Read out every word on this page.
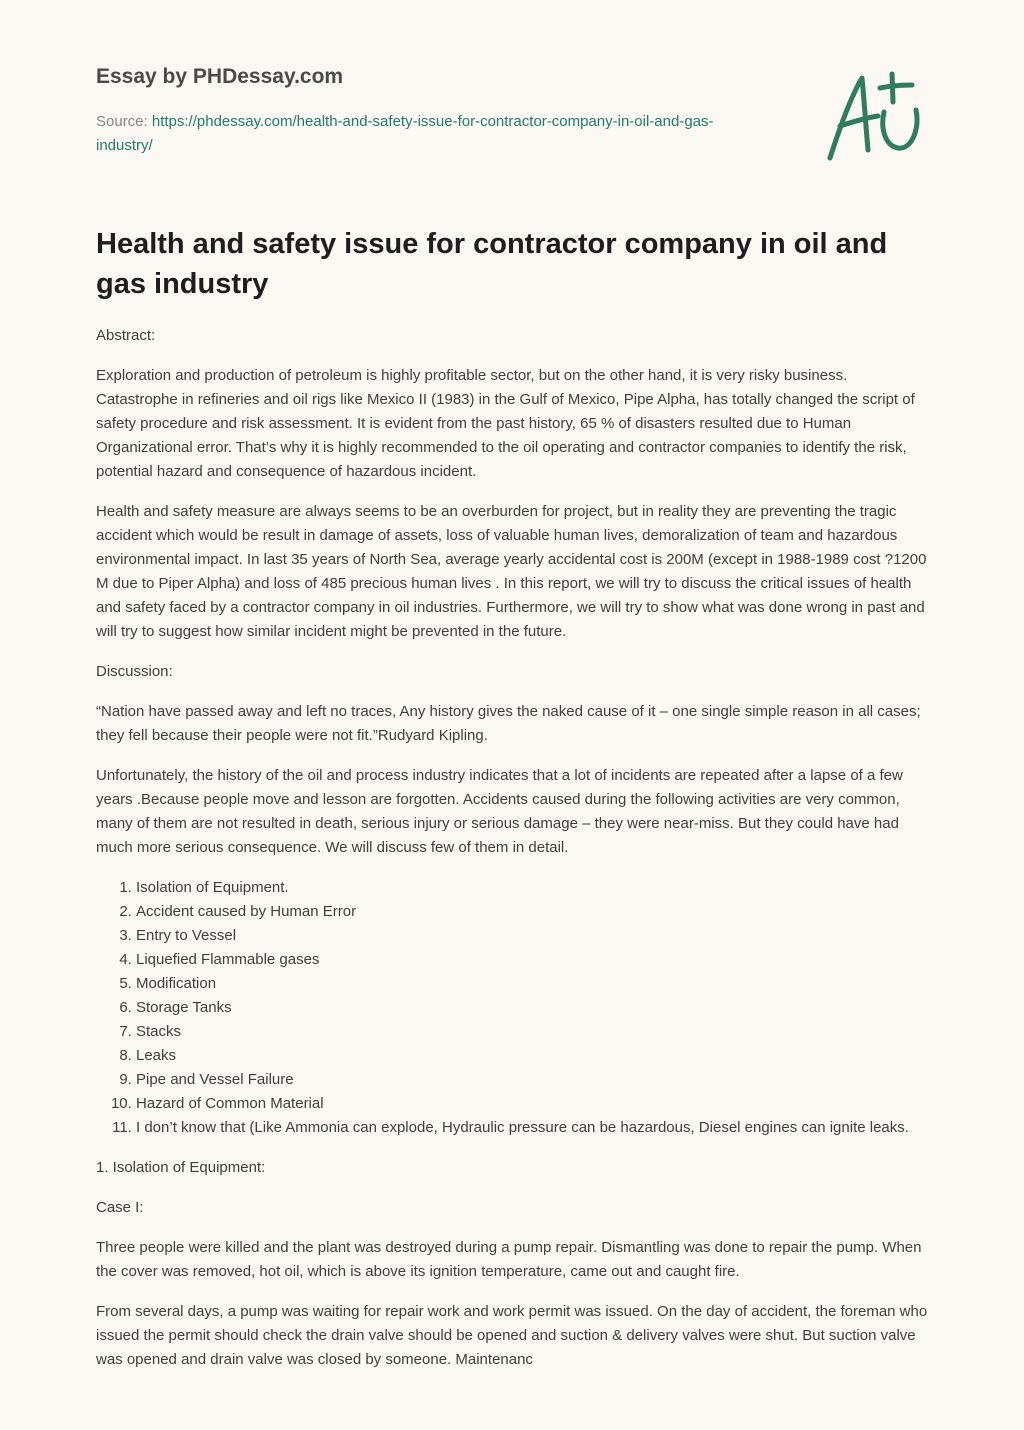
Essay by PHDessay.com
Source: https://phdessay.com/health-and-safety-issue-for-contractor-company-in-oil-and-gas-industry/
Health and safety issue for contractor company in oil and gas industry

Abstract:

Exploration and production of petroleum is highly profitable sector, but on the other hand, it is very risky business. Catastrophe in refineries and oil rigs like Mexico II (1983) in the Gulf of Mexico, Pipe Alpha, has totally changed the script of safety procedure and risk assessment. It is evident from the past history, 65 % of disasters resulted due to Human Organizational error. That’s why it is highly recommended to the oil operating and contractor companies to identify the risk, potential hazard and consequence of hazardous incident.

Health and safety measure are always seems to be an overburden for project, but in reality they are preventing the tragic accident which would be result in damage of assets, loss of valuable human lives, demoralization of team and hazardous environmental impact. In last 35 years of North Sea, average yearly accidental cost is 200M (except in 1988-1989 cost ?1200 M due to Piper Alpha) and loss of 485 precious human lives . In this report, we will try to discuss the critical issues of health and safety faced by a contractor company in oil industries. Furthermore, we will try to show what was done wrong in past and will try to suggest how similar incident might be prevented in the future.

Discussion:

“Nation have passed away and left no traces, Any history gives the naked cause of it – one single simple reason in all cases; they fell because their people were not fit.”Rudyard Kipling.

Unfortunately, the history of the oil and process industry indicates that a lot of incidents are repeated after a lapse of a few years .Because people move and lesson are forgotten. Accidents caused during the following activities are very common, many of them are not resulted in death, serious injury or serious damage – they were near-miss. But they could have had much more serious consequence. We will discuss few of them in detail.

1. Isolation of Equipment.
2. Accident caused by Human Error
3. Entry to Vessel
4. Liquefied Flammable gases
5. Modification
6. Storage Tanks
7. Stacks
8. Leaks
9. Pipe and Vessel Failure
10. Hazard of Common Material
11. I don’t know that (Like Ammonia can explode, Hydraulic pressure can be hazardous, Diesel engines can ignite leaks.

1. Isolation of Equipment:

Case I:

Three people were killed and the plant was destroyed during a pump repair. Dismantling was done to repair the pump. When the cover was removed, hot oil, which is above its ignition temperature, came out and caught fire.

From several days, a pump was waiting for repair work and work permit was issued. On the day of accident, the foreman who issued the permit should check the drain valve should be opened and suction & delivery valves were shut. But suction valve was opened and drain valve was closed by someone. Maintenanc
